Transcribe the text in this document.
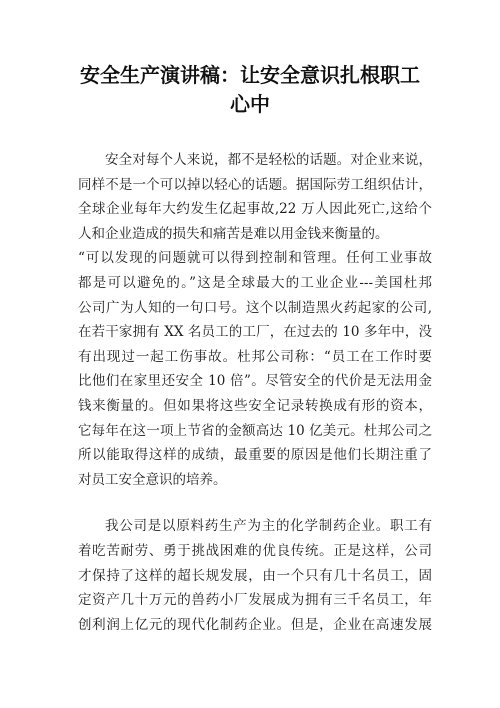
安全生产演讲稿：让安全意识扎根职工心中
安全对每个人来说，都不是轻松的话题。对企业来说，
同样不是一个可以掉以轻心的话题。据国际劳工组织估计，
全球企业每年大约发生亿起事故,22 万人因此死亡,这给个
人和企业造成的损失和痛苦是难以用金钱来衡量的。
“可以发现的问题就可以得到控制和管理。任何工业事故
都是可以避免的。”这是全球最大的工业企业---美国杜邦
公司广为人知的一句口号。这个以制造黑火药起家的公司,
在若干家拥有 XX 名员工的工厂，在过去的 10 多年中，没
有出现过一起工伤事故。杜邦公司称：“员工在工作时要
比他们在家里还安全 10 倍”。尽管安全的代价是无法用金
钱来衡量的。但如果将这些安全记录转换成有形的资本，
它每年在这一项上节省的金额高达 10 亿美元。杜邦公司之
所以能取得这样的成绩，最重要的原因是他们长期注重了
对员工安全意识的培养。
我公司是以原料药生产为主的化学制药企业。职工有
着吃苦耐劳、勇于挑战困难的优良传统。正是这样，公司
才保持了这样的超长规发展，由一个只有几十名员工，固
定资产几十万元的兽药小厂发展成为拥有三千名员工，年
创利润上亿元的现代化制药企业。但是，企业在高速发展
